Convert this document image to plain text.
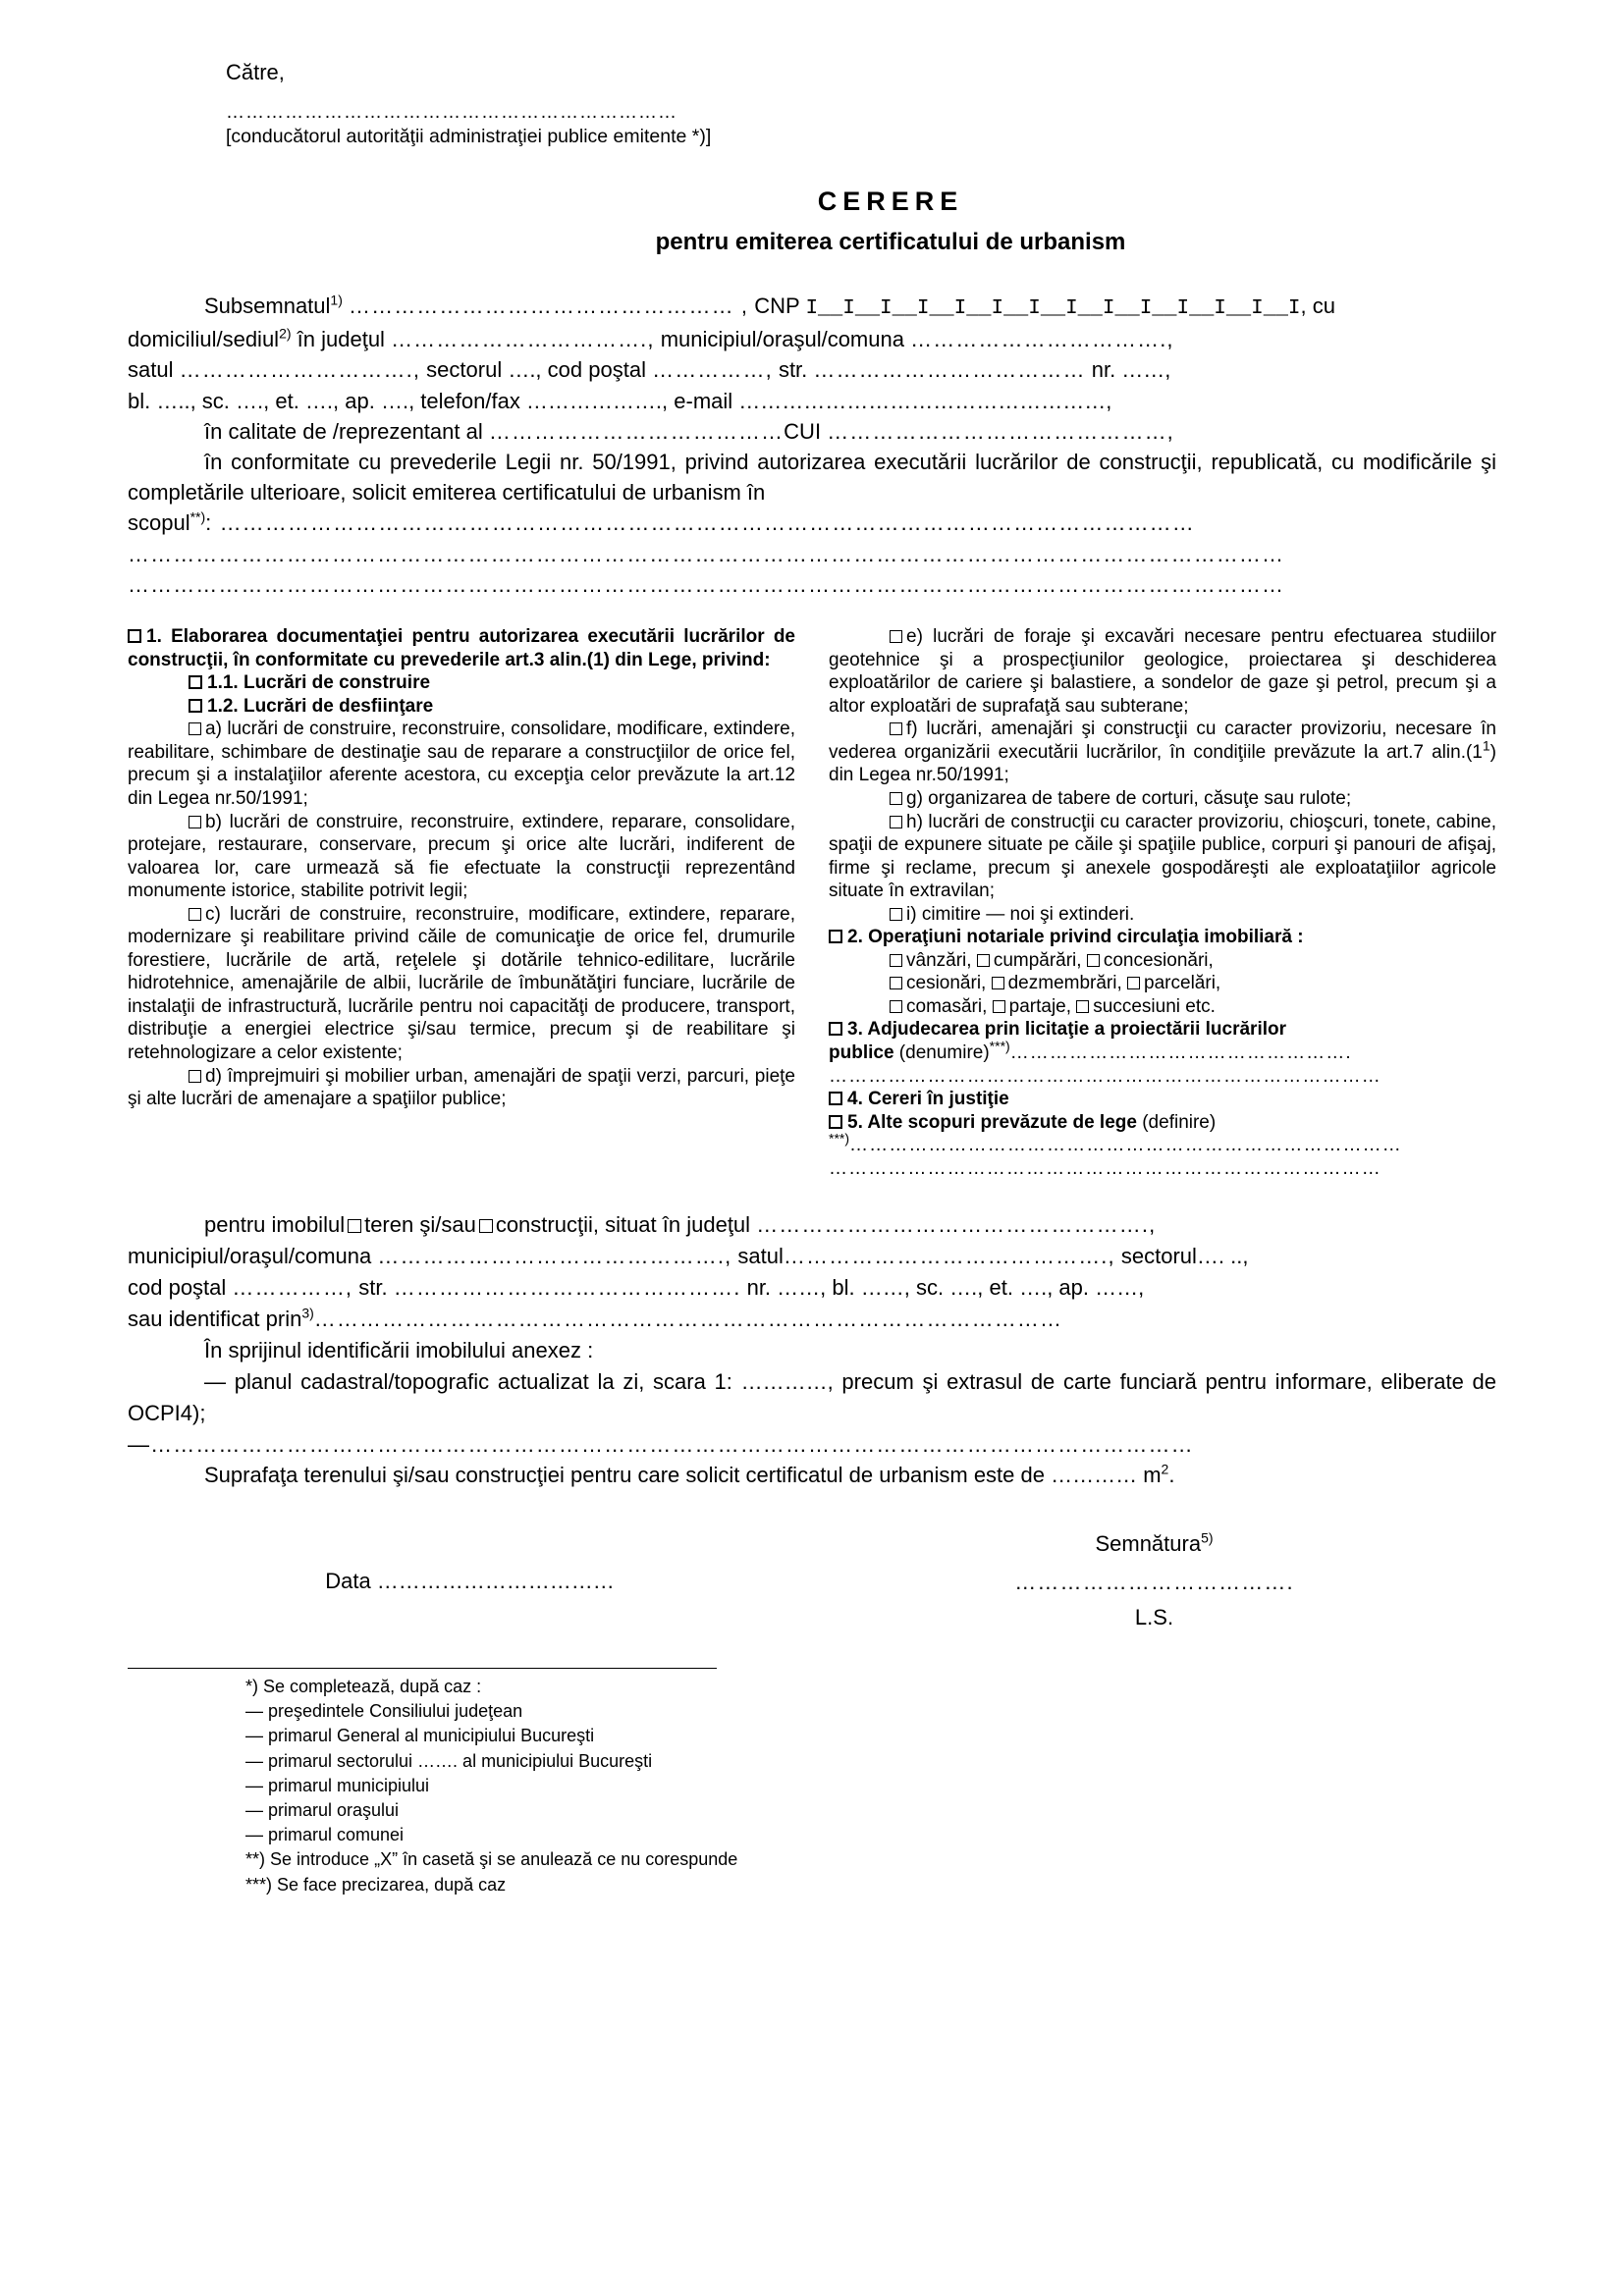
Către,
……………………………………………………………
[conducătorul autorităţii administraţiei publice emitente *)]
CERERE
pentru emiterea certificatului de urbanism

Subsemnatul$^{1)}$ …………………………………………… , CNP I__I__I__I__I__I__I__I__I__I__I__I__I__I, cu

domiciliul/sediul$^{2)}$ în judeţul ……………………………., municipiul/oraşul/comuna …………………………….,

satul …………………………., sectorul …., cod poştal ……………, str. ……………………………… nr. ……,

bl. ….., sc. …., et. …., ap. …., telefon/fax ………………., e-mail ……………………………………………,

în calitate de /reprezentant al …………………………………CUI ………………………………………,

în conformitate cu prevederile Legii nr. 50/1991, privind autorizarea executării lucrărilor de construcţii, republicată, cu modificările şi completările ulterioare, solicit emiterea certificatului de urbanism în

scopul**): …………………………………………………………………………………………………………………

………………………………………………………………………………………………………………………………………

………………………………………………………………………………………………………………………………………

1. Elaborarea documentaţiei pentru autorizarea executării lucrărilor de construcţii, în conformitate cu prevederile art.3 alin.(1) din Lege, privind:

1.1. Lucrări de construire

1.2. Lucrări de desfiinţare

a) lucrări de construire, reconstruire, consolidare, modificare, extindere, reabilitare, schimbare de destinaţie sau de reparare a construcţiilor de orice fel, precum şi a instalaţiilor aferente acestora, cu excepţia celor prevăzute la art.12 din Legea nr.50/1991;

b) lucrări de construire, reconstruire, extindere, reparare, consolidare, protejare, restaurare, conservare, precum şi orice alte lucrări, indiferent de valoarea lor, care urmează să fie efectuate la construcţii reprezentând monumente istorice, stabilite potrivit legii;

c) lucrări de construire, reconstruire, modificare, extindere, reparare, modernizare şi reabilitare privind căile de comunicaţie de orice fel, drumurile forestiere, lucrările de artă, reţelele şi dotările tehnico-edilitare, lucrările hidrotehnice, amenajările de albii, lucrările de îmbunătăţiri funciare, lucrările de instalaţii de infrastructură, lucrările pentru noi capacităţi de producere, transport, distribuţie a energiei electrice şi/sau termice, precum şi de reabilitare şi retehnologizare a celor existente;

d) împrejmuiri şi mobilier urban, amenajări de spaţii verzi, parcuri, pieţe şi alte lucrări de amenajare a spaţiilor publice;

e) lucrări de foraje şi excavări necesare pentru efectuarea studiilor geotehnice şi a prospecţiunilor geologice, proiectarea şi deschiderea exploatărilor de cariere şi balastiere, a sondelor de gaze şi petrol, precum şi a altor exploatări de suprafaţă sau subterane;

f) lucrări, amenajări şi construcţii cu caracter provizoriu, necesare în vederea organizării executării lucrărilor, în condiţiile prevăzute la art.7 alin.(1$^1$) din Legea nr.50/1991;

g) organizarea de tabere de corturi, căsuţe sau rulote;

h) lucrări de construcţii cu caracter provizoriu, chioşcuri, tonete, cabine, spaţii de expunere situate pe căile şi spaţiile publice, corpuri şi panouri de afişaj, firme şi reclame, precum şi anexele gospodăreşti ale exploataţiilor agricole situate în extravilan;

i) cimitire — noi şi extinderi.

2. Operaţiuni notariale privind circulaţia imobiliară :

vânzări, cumpărări, concesionări,

cesionări, dezmembrări, parcelări,

comasări, partaje, succesiuni etc.

3. Adjudecarea prin licitaţie a proiectării lucrărilor

publice (denumire)***)…………………………………………….

…………………………………………………………………………

4. Cereri în justiţie

5. Alte scopuri prevăzute de lege (definire)

***)…………………………………………………………………………

…………………………………………………………………………

pentru imobilul teren şi/sau construcţii, situat în judeţul …………………………………………….,

municipiul/oraşul/comuna ………………………………………., satul……………………………………., sectorul…. ..,

cod poştal ……………, str. ………………………………………. nr. ……, bl. ……, sc. …., et. …., ap. ……,

sau identificat prin$^{3)}$………………………………………………………………………………………

În sprijinul identificării imobilului anexez :

— planul cadastral/topografic actualizat la zi, scara 1: …………, precum şi extrasul de carte funciară pentru informare, eliberate de OCPI4);

—…………………………………………………………………………………………………………………………

Suprafaţa terenului şi/sau construcţiei pentru care solicit certificatul de urbanism este de ………… m$^2$.

Data ……………………………
Semnătura$^{5)}$
……………………………….
L.S.

*) Se completează, după caz :

— preşedintele Consiliului judeţean

— primarul General al municipiului Bucureşti

— primarul sectorului ……. al municipiului Bucureşti

— primarul municipiului

— primarul oraşului

— primarul comunei

**) Se introduce „X” în casetă şi se anulează ce nu corespunde

***) Se face precizarea, după caz
